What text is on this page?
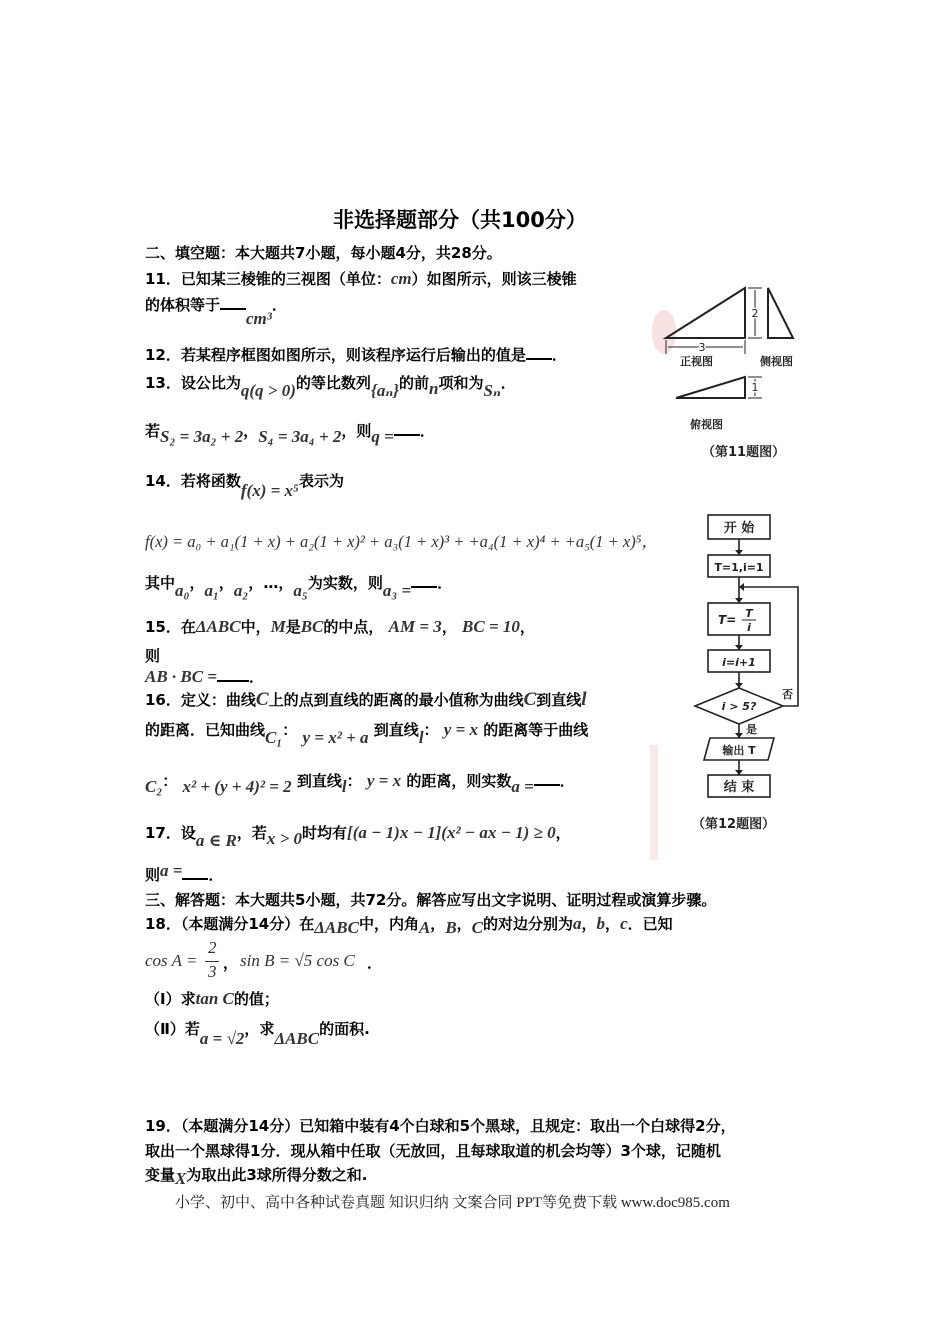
非选择题部分（共100分）
二、填空题：本大题共7小题，每小题4分，共28分。
11．已知某三棱锥的三视图（单位：cm）如图所示，则该三棱锥
的体积等于cm³．
12．若某程序框图如图所示，则该程序运行后输出的值是 ．
13．设公比为q(q > 0)的等比数列{aₙ}的前n项和为Sₙ．
若S₂ = 3a₂ + 2，S₄ = 3a₄ + 2，则q = ．
14．若将函数f(x) = x⁵表示为
f(x) = a₀ + a₁(1 + x) + a₂(1 + x)² + a₃(1 + x)³ + +a₄(1 + x)⁴ + +a₅(1 + x)⁵，
其中a₀，a₁，a₂，…，a₅为实数，则a₃ = ．
15．在ΔABC中，M是BC的中点， AM = 3， BC = 10，
则
AB · BC = ．
16．定义：曲线C上的点到直线的距离的最小值称为曲线C到直线l
的距离．已知曲线C₁： y = x² + a 到直线l： y = x 的距离等于曲线
C₂： x² + (y + 4)² = 2 到直线l： y = x 的距离，则实数a = ．
17．设a ∈ R，若x > 0时均有[(a − 1)x − 1](x² − ax − 1) ≥ 0，
则a = ．
三、解答题：本大题共5小题，共72分。解答应写出文字说明、证明过程或演算步骤。
18．（本题满分14分）在ΔABC中，内角A，B，C的对边分别为a，b，c．已知
cos A =
2
3 ， sin B = √5 cos C ．
（Ⅰ）求tan C的值；
（Ⅱ）若a = √2，求ΔABC的面积.
19．（本题满分14分）已知箱中装有4个白球和5个黑球，且规定：取出一个白球得2分，
取出一个黑球得1分．现从箱中任取（无放回，且每球取道的机会均等）3个球，记随机
变量X为取出此3球所得分数之和.
小学、初中、高中各种试卷真题 知识归纳 文案合同 PPT等免费下载 www.doc985.com
3
2
正视图	侧视图
1
俯视图
（第11题图）
开 始
T=1,i=1
T= T
i
i=i+1
i > 5?
是
否
输出 T
结 束
（第12题图）
